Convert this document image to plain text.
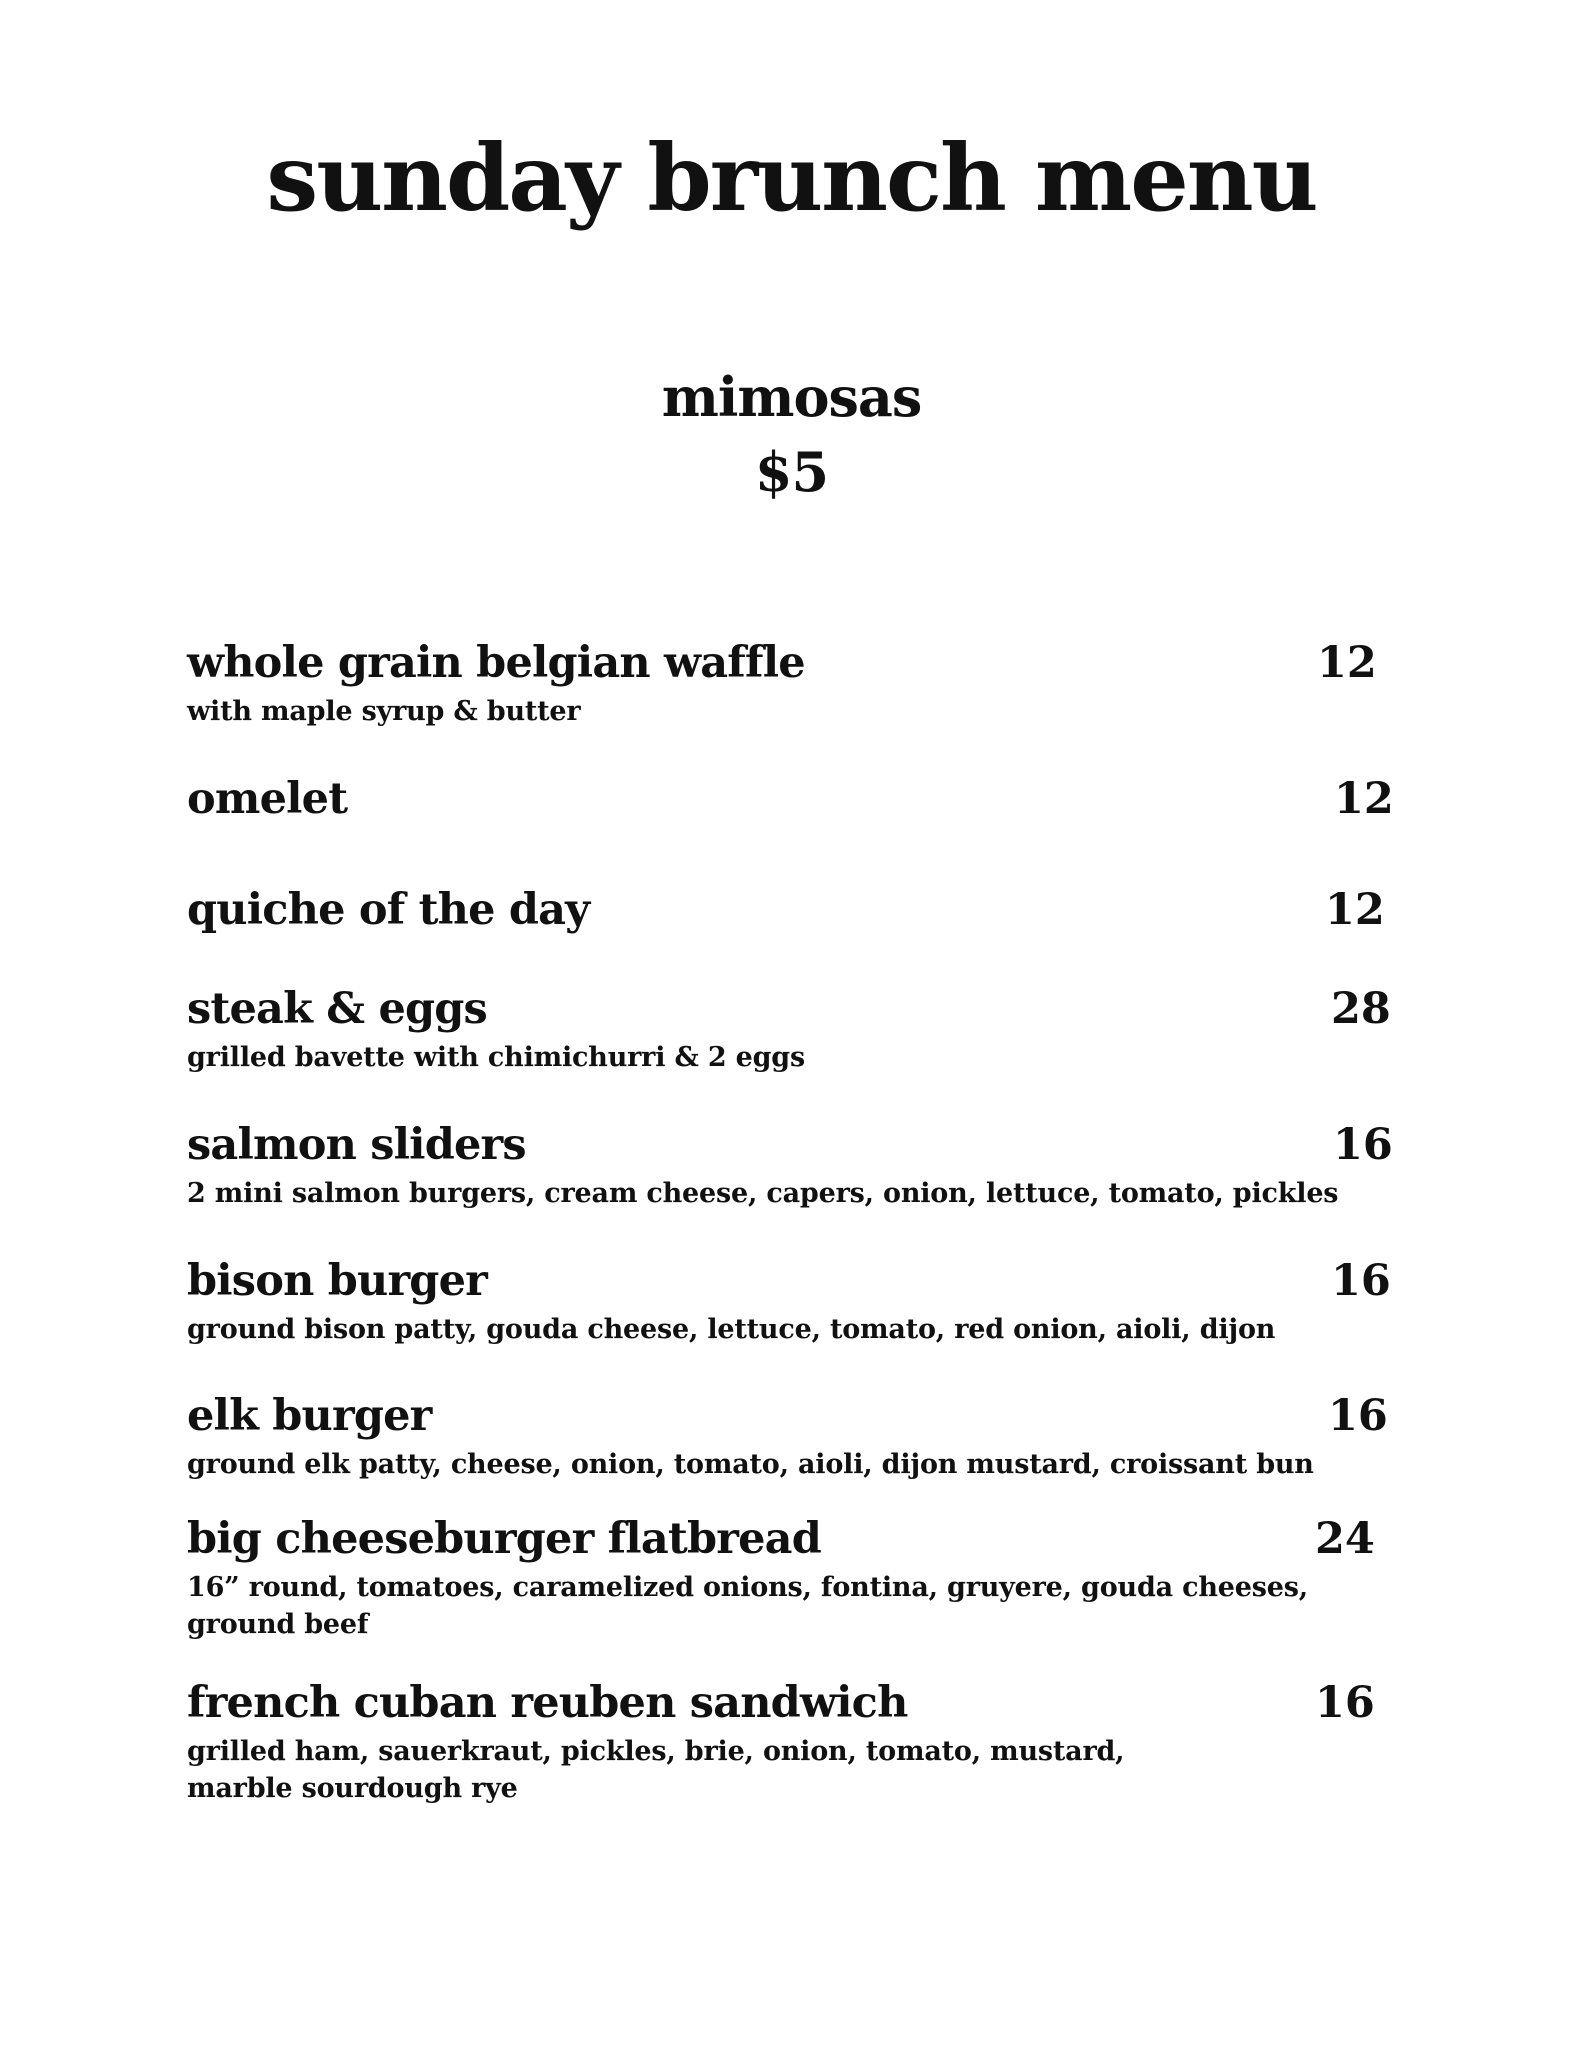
sunday brunch menu
mimosas
$5
whole grain belgian waffle	12
with maple syrup & butter
omelet	12
quiche of the day	12
steak & eggs	28
grilled bavette with chimichurri & 2 eggs
salmon sliders	16
2 mini salmon burgers, cream cheese, capers, onion, lettuce, tomato, pickles
bison burger	16
ground bison patty, gouda cheese, lettuce, tomato, red onion, aioli, dijon
elk burger	16
ground elk patty, cheese, onion, tomato, aioli, dijon mustard, croissant bun
big cheeseburger flatbread	24
16” round, tomatoes, caramelized onions, fontina, gruyere, gouda cheeses,
ground beef
french cuban reuben sandwich	16
grilled ham, sauerkraut, pickles, brie, onion, tomato, mustard,
marble sourdough rye
